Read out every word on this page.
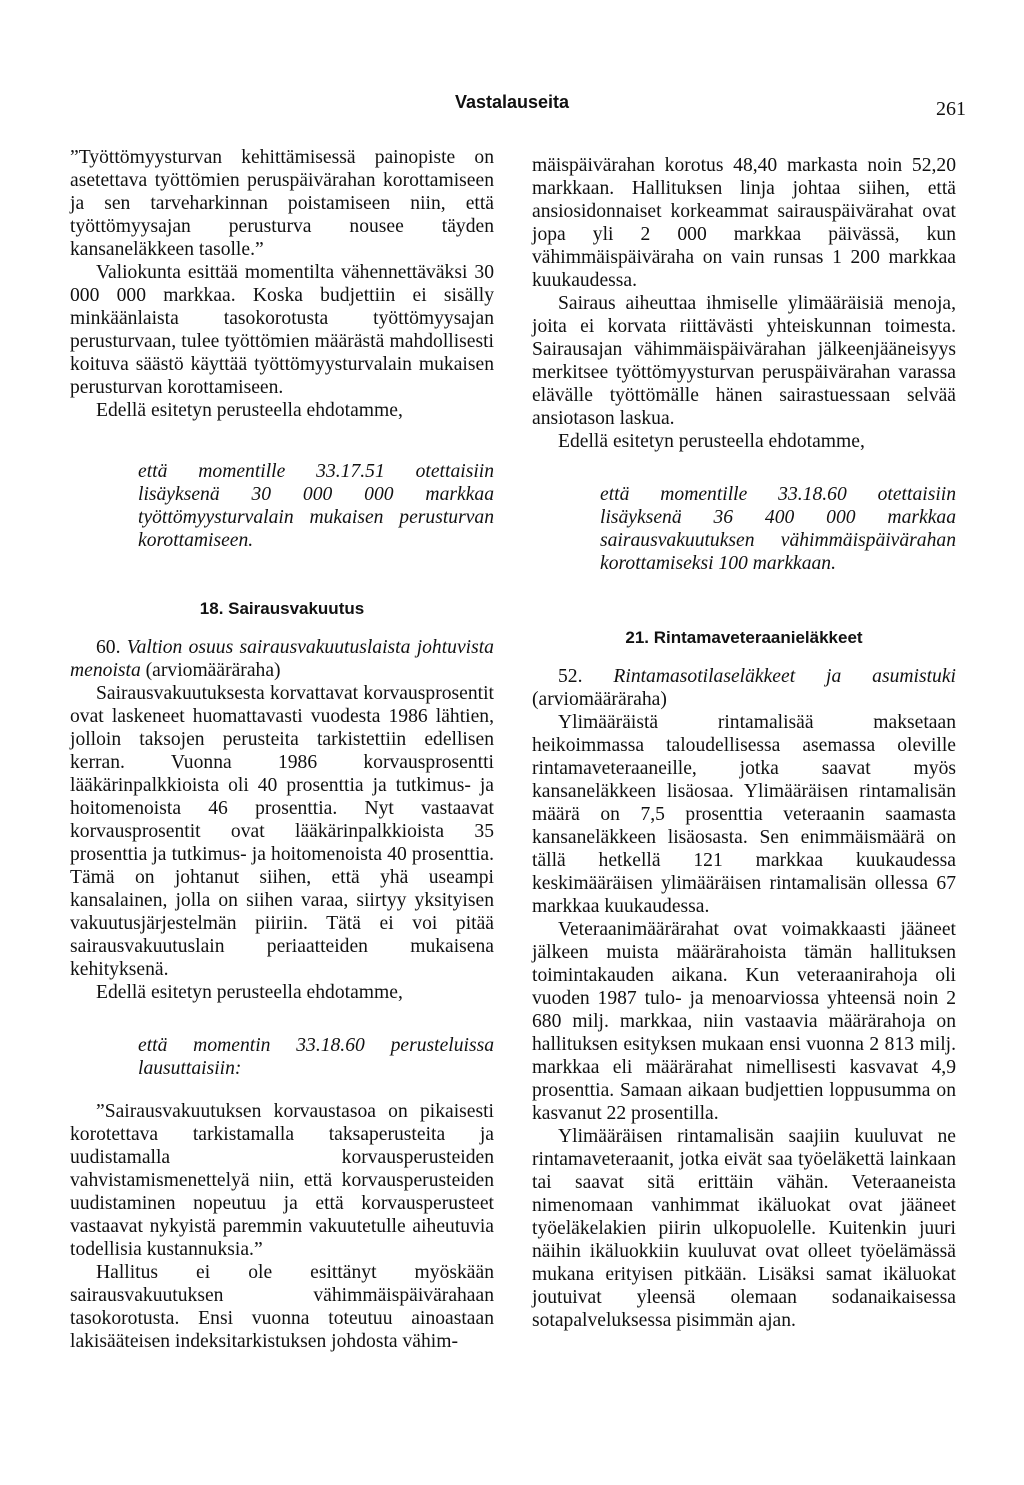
Vastalauseita	261

”Työttömyysturvan kehittämisessä painopiste on asetettava työttömien peruspäivärahan korottamiseen ja sen tarveharkinnan poistamiseen niin, että työttömyysajan perusturva nousee täyden kansaneläkkeen tasolle.”

Valiokunta esittää momentilta vähennettäväksi 30 000 000 markkaa. Koska budjettiin ei sisälly minkäänlaista tasokorotusta työttömyysajan perusturvaan, tulee työttömien määrästä mahdollisesti koituva säästö käyttää työttömyysturvalain mukaisen perusturvan korottamiseen.

Edellä esitetyn perusteella ehdotamme,

että momentille 33.17.51 otettaisiin lisäyksenä 30 000 000 markkaa työttömyysturvalain mukaisen perusturvan korottamiseen.

18. Sairausvakuutus

60. Valtion osuus sairausvakuutuslaista johtuvista menoista (arviomääräraha)

Sairausvakuutuksesta korvattavat korvausprosentit ovat laskeneet huomattavasti vuodesta 1986 lähtien, jolloin taksojen perusteita tarkistettiin edellisen kerran. Vuonna 1986 korvausprosentti lääkärinpalkkioista oli 40 prosenttia ja tutkimus- ja hoitomenoista 46 prosenttia. Nyt vastaavat korvausprosentit ovat lääkärinpalkkioista 35 prosenttia ja tutkimus- ja hoitomenoista 40 prosenttia. Tämä on johtanut siihen, että yhä useampi kansalainen, jolla on siihen varaa, siirtyy yksityisen vakuutusjärjestelmän piiriin. Tätä ei voi pitää sairausvakuutuslain periaatteiden mukaisena kehityksenä.

Edellä esitetyn perusteella ehdotamme,

että momentin 33.18.60 perusteluissa lausuttaisiin:

”Sairausvakuutuksen korvaustasoa on pikaisesti korotettava tarkistamalla taksaperusteita ja uudistamalla korvausperusteiden vahvistamismenettelyä niin, että korvausperusteiden uudistaminen nopeutuu ja että korvausperusteet vastaavat nykyistä paremmin vakuutetulle aiheutuvia todellisia kustannuksia.”

Hallitus ei ole esittänyt myöskään sairausvakuutuksen vähimmäispäivärahaan tasokorotusta. Ensi vuonna toteutuu ainoastaan lakisääteisen indeksitarkistuksen johdosta vähim-

mäispäivärahan korotus 48,40 markasta noin 52,20 markkaan. Hallituksen linja johtaa siihen, että ansiosidonnaiset korkeammat sairauspäivärahat ovat jopa yli 2 000 markkaa päivässä, kun vähimmäispäiväraha on vain runsas 1 200 markkaa kuukaudessa.

Sairaus aiheuttaa ihmiselle ylimääräisiä menoja, joita ei korvata riittävästi yhteiskunnan toimesta. Sairausajan vähimmäispäivärahan jälkeenjääneisyys merkitsee työttömyysturvan peruspäivärahan varassa elävälle työttömälle hänen sairastuessaan selvää ansiotason laskua.

Edellä esitetyn perusteella ehdotamme,

että momentille 33.18.60 otettaisiin lisäyksenä 36 400 000 markkaa sairausvakuutuksen vähimmäispäivärahan korottamiseksi 100 markkaan.

21. Rintamaveteraanieläkkeet

52. Rintamasotilaseläkkeet ja asumistuki (arviomääräraha)

Ylimääräistä rintamalisää maksetaan heikoimmassa taloudellisessa asemassa oleville rintamaveteraaneille, jotka saavat myös kansaneläkkeen lisäosaa. Ylimääräisen rintamalisän määrä on 7,5 prosenttia veteraanin saamasta kansaneläkkeen lisäosasta. Sen enimmäismäärä on tällä hetkellä 121 markkaa kuukaudessa keskimääräisen ylimääräisen rintamalisän ollessa 67 markkaa kuukaudessa.

Veteraanimäärärahat ovat voimakkaasti jääneet jälkeen muista määrärahoista tämän hallituksen toimintakauden aikana. Kun veteraanirahoja oli vuoden 1987 tulo- ja menoarviossa yhteensä noin 2 680 milj. markkaa, niin vastaavia määrärahoja on hallituksen esityksen mukaan ensi vuonna 2 813 milj. markkaa eli määrärahat nimellisesti kasvavat 4,9 prosenttia. Samaan aikaan budjettien loppusumma on kasvanut 22 prosentilla.

Ylimääräisen rintamalisän saajiin kuuluvat ne rintamaveteraanit, jotka eivät saa työeläkettä lainkaan tai saavat sitä erittäin vähän. Veteraaneista nimenomaan vanhimmat ikäluokat ovat jääneet työeläkelakien piirin ulkopuolelle. Kuitenkin juuri näihin ikäluokkiin kuuluvat ovat olleet työelämässä mukana erityisen pitkään. Lisäksi samat ikäluokat joutuivat yleensä olemaan sodanaikaisessa sotapalveluksessa pisimmän ajan.
